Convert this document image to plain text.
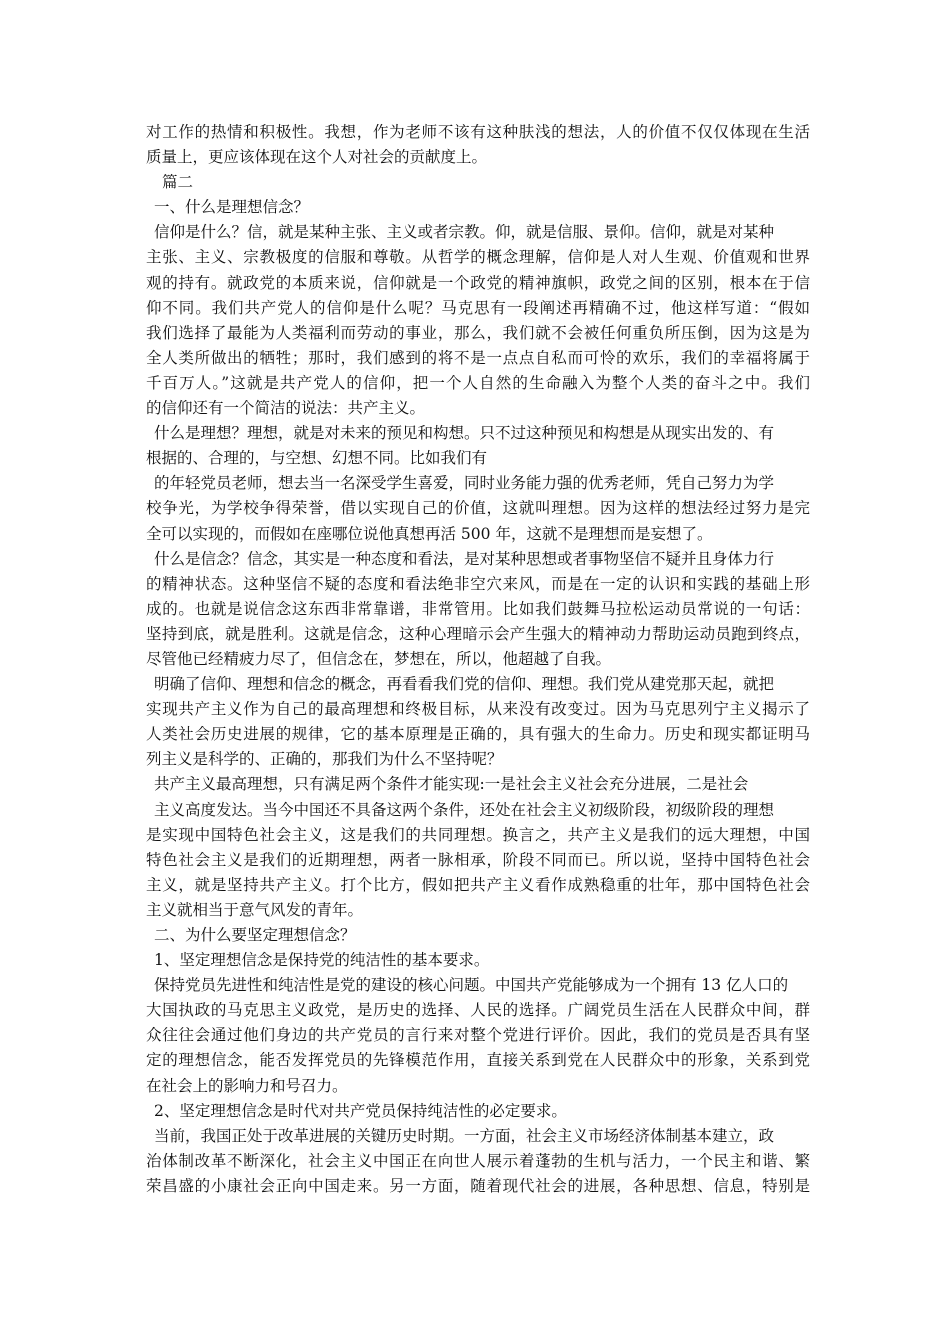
对工作的热情和积极性。我想，作为老师不该有这种肤浅的想法，人的价值不仅仅体现在生活
质量上，更应该体现在这个人对社会的贡献度上。
篇二
一、什么是理想信念？
信仰是什么？信，就是某种主张、主义或者宗教。仰，就是信服、景仰。信仰，就是对某种
主张、主义、宗教极度的信服和尊敬。从哲学的概念理解，信仰是人对人生观、价值观和世界
观的持有。就政党的本质来说，信仰就是一个政党的精神旗帜，政党之间的区别，根本在于信
仰不同。我们共产党人的信仰是什么呢？马克思有一段阐述再精确不过，他这样写道：“假如
我们选择了最能为人类福利而劳动的事业，那么，我们就不会被任何重负所压倒，因为这是为
全人类所做出的牺牲；那时，我们感到的将不是一点点自私而可怜的欢乐，我们的幸福将属于
千百万人。”这就是共产党人的信仰，把一个人自然的生命融入为整个人类的奋斗之中。我们
的信仰还有一个简洁的说法：共产主义。
什么是理想？理想，就是对未来的预见和构想。只不过这种预见和构想是从现实出发的、有
根据的、合理的，与空想、幻想不同。比如我们有
的年轻党员老师，想去当一名深受学生喜爱，同时业务能力强的优秀老师，凭自己努力为学
校争光，为学校争得荣誉，借以实现自己的价值，这就叫理想。因为这样的想法经过努力是完
全可以实现的，而假如在座哪位说他真想再活 500 年，这就不是理想而是妄想了。
什么是信念？信念，其实是一种态度和看法，是对某种思想或者事物坚信不疑并且身体力行
的精神状态。这种坚信不疑的态度和看法绝非空穴来风，而是在一定的认识和实践的基础上形
成的。也就是说信念这东西非常靠谱，非常管用。比如我们鼓舞马拉松运动员常说的一句话：
坚持到底，就是胜利。这就是信念，这种心理暗示会产生强大的精神动力帮助运动员跑到终点，
尽管他已经精疲力尽了，但信念在，梦想在，所以，他超越了自我。
明确了信仰、理想和信念的概念，再看看我们党的信仰、理想。我们党从建党那天起，就把
实现共产主义作为自己的最高理想和终极目标，从来没有改变过。因为马克思列宁主义揭示了
人类社会历史进展的规律，它的基本原理是正确的，具有强大的生命力。历史和现实都证明马
列主义是科学的、正确的，那我们为什么不坚持呢？
共产主义最高理想，只有满足两个条件才能实现:一是社会主义社会充分进展，二是社会
主义高度发达。当今中国还不具备这两个条件，还处在社会主义初级阶段，初级阶段的理想
是实现中国特色社会主义，这是我们的共同理想。换言之，共产主义是我们的远大理想，中国
特色社会主义是我们的近期理想，两者一脉相承，阶段不同而已。所以说，坚持中国特色社会
主义，就是坚持共产主义。打个比方，假如把共产主义看作成熟稳重的壮年，那中国特色社会
主义就相当于意气风发的青年。
二、为什么要坚定理想信念？
1、坚定理想信念是保持党的纯洁性的基本要求。
保持党员先进性和纯洁性是党的建设的核心问题。中国共产党能够成为一个拥有 13 亿人口的
大国执政的马克思主义政党，是历史的选择、人民的选择。广阔党员生活在人民群众中间，群
众往往会通过他们身边的共产党员的言行来对整个党进行评价。因此，我们的党员是否具有坚
定的理想信念，能否发挥党员的先锋模范作用，直接关系到党在人民群众中的形象，关系到党
在社会上的影响力和号召力。
2、坚定理想信念是时代对共产党员保持纯洁性的必定要求。
当前，我国正处于改革进展的关键历史时期。一方面，社会主义市场经济体制基本建立，政
治体制改革不断深化，社会主义中国正在向世人展示着蓬勃的生机与活力，一个民主和谐、繁
荣昌盛的小康社会正向中国走来。另一方面，随着现代社会的进展，各种思想、信息，特别是
